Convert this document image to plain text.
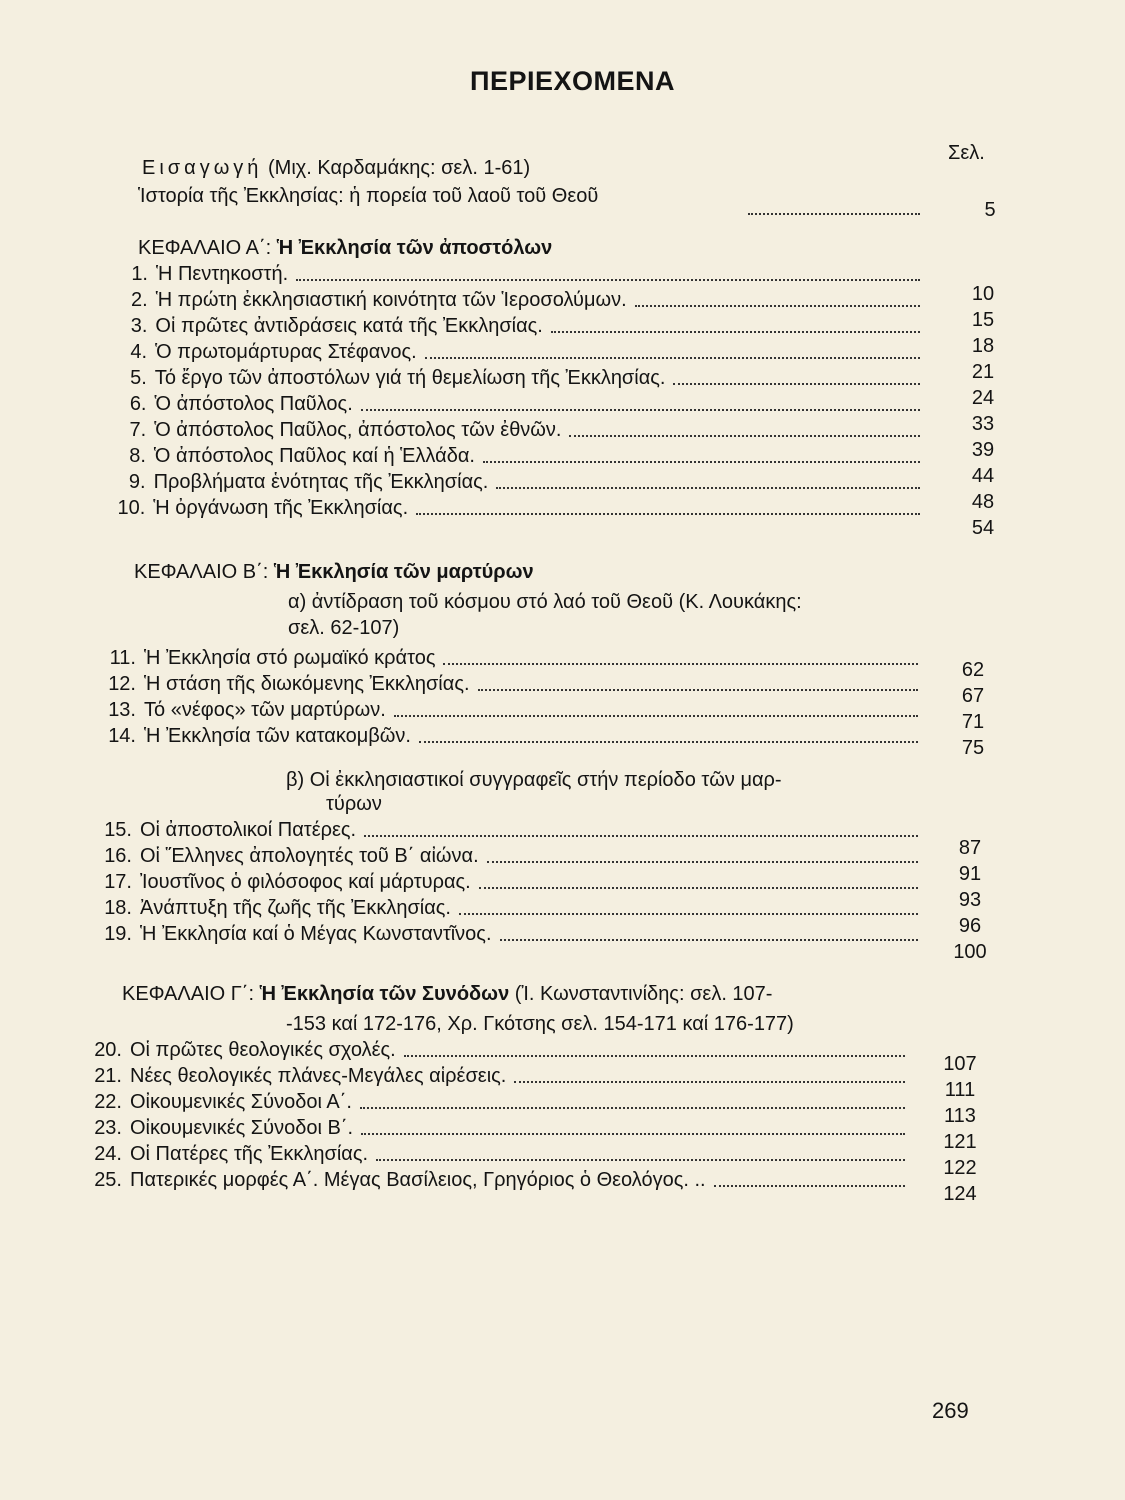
ΠΕΡΙΕΧΟΜΕΝΑ
Σελ.
Εισαγωγή (Μιχ. Καρδαμάκης: σελ. 1-61)
Ἱστορία τῆς Ἐκκλησίας: ἡ πορεία τοῦ λαοῦ τοῦ Θεοῦ
5
ΚΕΦΑΛΑΙΟ Α΄: Ἡ Ἐκκλησία τῶν ἀποστόλων
1. Ἡ Πεντηκοστή.
10
2. Ἡ πρώτη ἐκκλησιαστική κοινότητα τῶν Ἱεροσολύμων.
15
3. Οἱ πρῶτες ἀντιδράσεις κατά τῆς Ἐκκλησίας.
18
4. Ὁ πρωτομάρτυρας Στέφανος.
21
5. Τό ἔργο τῶν ἀποστόλων γιά τή θεμελίωση τῆς Ἐκκλησίας.
24
6. Ὁ ἀπόστολος Παῦλος.
33
7. Ὁ ἀπόστολος Παῦλος, ἀπόστολος τῶν ἐθνῶν.
39
8. Ὁ ἀπόστολος Παῦλος καί ἡ Ἑλλάδα.
44
9. Προβλήματα ἑνότητας τῆς Ἐκκλησίας.
48
10. Ἡ ὀργάνωση τῆς Ἐκκλησίας.
54
ΚΕΦΑΛΑΙΟ Β΄: Ἡ Ἐκκλησία τῶν μαρτύρων
α) ἀντίδραση τοῦ κόσμου στό λαό τοῦ Θεοῦ (Κ. Λουκάκης:
σελ. 62-107)
11. Ἡ Ἐκκλησία στό ρωμαϊκό κράτος
62
12. Ἡ στάση τῆς διωκόμενης Ἐκκλησίας.
67
13. Τό «νέφος» τῶν μαρτύρων.
71
14. Ἡ Ἐκκλησία τῶν κατακομβῶν.
75
β) Οἱ ἐκκλησιαστικοί συγγραφεῖς στήν περίοδο τῶν μαρ-
τύρων
15. Οἱ ἀποστολικοί Πατέρες.
87
16. Οἱ Ἕλληνες ἀπολογητές τοῦ Β΄ αἰώνα.
91
17. Ἰουστῖνος ὁ φιλόσοφος καί μάρτυρας.
93
18. Ἀνάπτυξη τῆς ζωῆς τῆς Ἐκκλησίας.
96
19. Ἡ Ἐκκλησία καί ὁ Μέγας Κωνσταντῖνος.
100
ΚΕΦΑΛΑΙΟ Γ΄: Ἡ Ἐκκλησία τῶν Συνόδων (Ἰ. Κωνσταντινίδης: σελ. 107-
-153 καί 172-176, Χρ. Γκότσης σελ. 154-171 καί 176-177)
20. Οἱ πρῶτες θεολογικές σχολές.
107
21. Νέες θεολογικές πλάνες-Μεγάλες αἱρέσεις.
111
22. Οἰκουμενικές Σύνοδοι Α΄.
113
23. Οἰκουμενικές Σύνοδοι Β΄.
121
24. Οἱ Πατέρες τῆς Ἐκκλησίας.
122
25. Πατερικές μορφές Α΄. Μέγας Βασίλειος, Γρηγόριος ὁ Θεολόγος. ..
124
269
